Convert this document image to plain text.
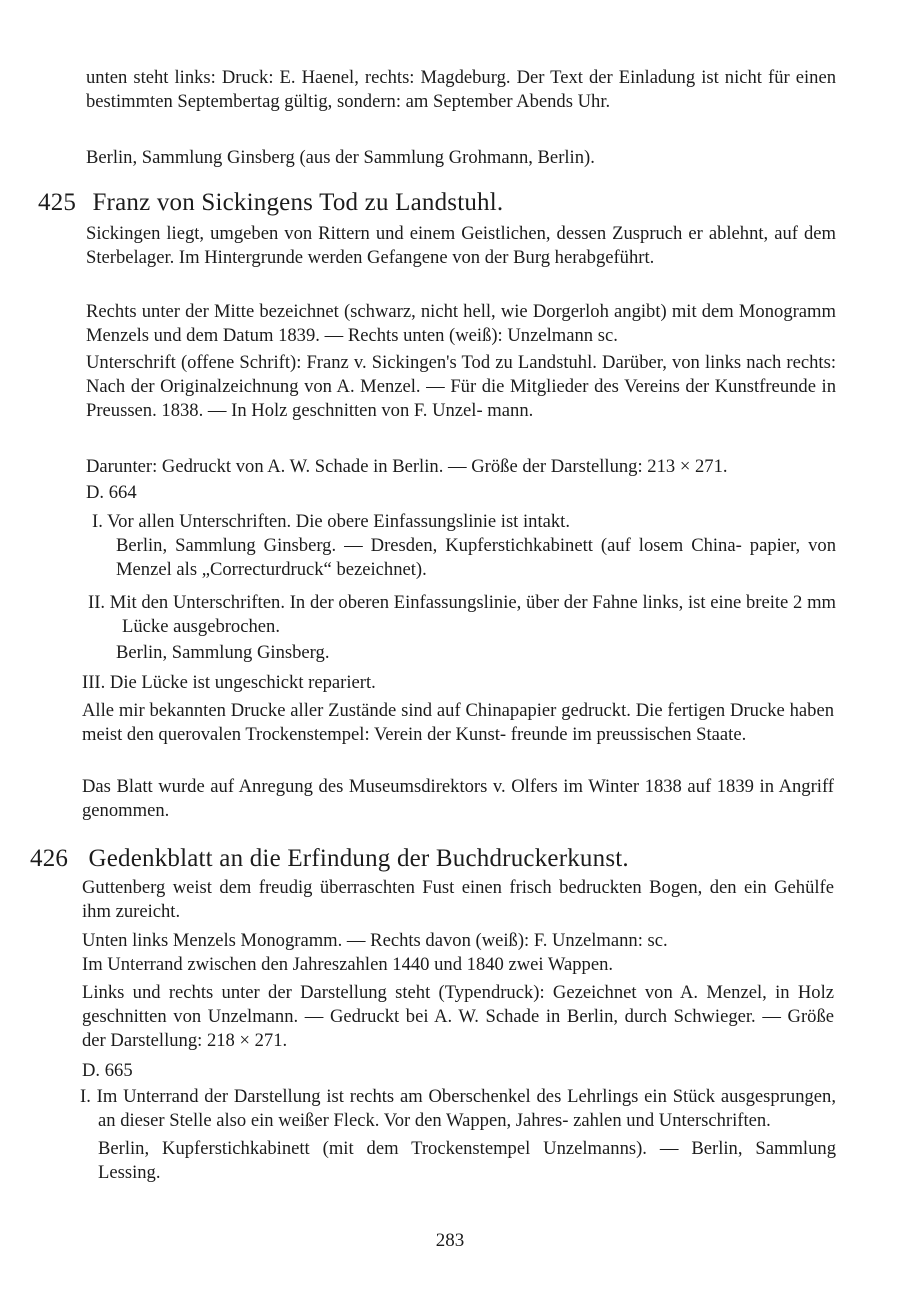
unten steht links: Druck: E. Haenel, rechts: Magdeburg. Der Text der Einladung ist nicht für einen bestimmten Septembertag gültig, sondern: am September Abends Uhr.

Berlin, Sammlung Ginsberg (aus der Sammlung Grohmann, Berlin).

425 Franz von Sickingens Tod zu Landstuhl.

Sickingen liegt, umgeben von Rittern und einem Geistlichen, dessen Zuspruch er ablehnt, auf dem Sterbelager. Im Hintergrunde werden Gefangene von der Burg herabgeführt.

Rechts unter der Mitte bezeichnet (schwarz, nicht hell, wie Dorgerloh angibt) mit dem Monogramm Menzels und dem Datum 1839. — Rechts unten (weiß): Unzelmann sc.

Unterschrift (offene Schrift): Franz v. Sickingen's Tod zu Landstuhl. Darüber, von links nach rechts: Nach der Originalzeichnung von A. Menzel. — Für die Mitglieder des Vereins der Kunstfreunde in Preussen. 1838. — In Holz geschnitten von F. Unzel- mann.

Darunter: Gedruckt von A. W. Schade in Berlin. — Größe der Darstellung: 213 × 271.

D. 664

I. Vor allen Unterschriften. Die obere Einfassungslinie ist intakt.

Berlin, Sammlung Ginsberg. — Dresden, Kupferstichkabinett (auf losem China- papier, von Menzel als „Correcturdruck“ bezeichnet).

II. Mit den Unterschriften. In der oberen Einfassungslinie, über der Fahne links, ist eine breite 2 mm Lücke ausgebrochen.

Berlin, Sammlung Ginsberg.

III. Die Lücke ist ungeschickt repariert.

Alle mir bekannten Drucke aller Zustände sind auf Chinapapier gedruckt. Die fertigen Drucke haben meist den querovalen Trockenstempel: Verein der Kunst- freunde im preussischen Staate.

Das Blatt wurde auf Anregung des Museumsdirektors v. Olfers im Winter 1838 auf 1839 in Angriff genommen.

426 Gedenkblatt an die Erfindung der Buchdruckerkunst.

Guttenberg weist dem freudig überraschten Fust einen frisch bedruckten Bogen, den ein Gehülfe ihm zureicht.

Unten links Menzels Monogramm. — Rechts davon (weiß): F. Unzelmann: sc.

Im Unterrand zwischen den Jahreszahlen 1440 und 1840 zwei Wappen.

Links und rechts unter der Darstellung steht (Typendruck): Gezeichnet von A. Menzel, in Holz geschnitten von Unzelmann. — Gedruckt bei A. W. Schade in Berlin, durch Schwieger. — Größe der Darstellung: 218 × 271.

D. 665

I. Im Unterrand der Darstellung ist rechts am Oberschenkel des Lehrlings ein Stück ausgesprungen, an dieser Stelle also ein weißer Fleck. Vor den Wappen, Jahres- zahlen und Unterschriften.

Berlin, Kupferstichkabinett (mit dem Trockenstempel Unzelmanns). — Berlin, Sammlung Lessing.

283
